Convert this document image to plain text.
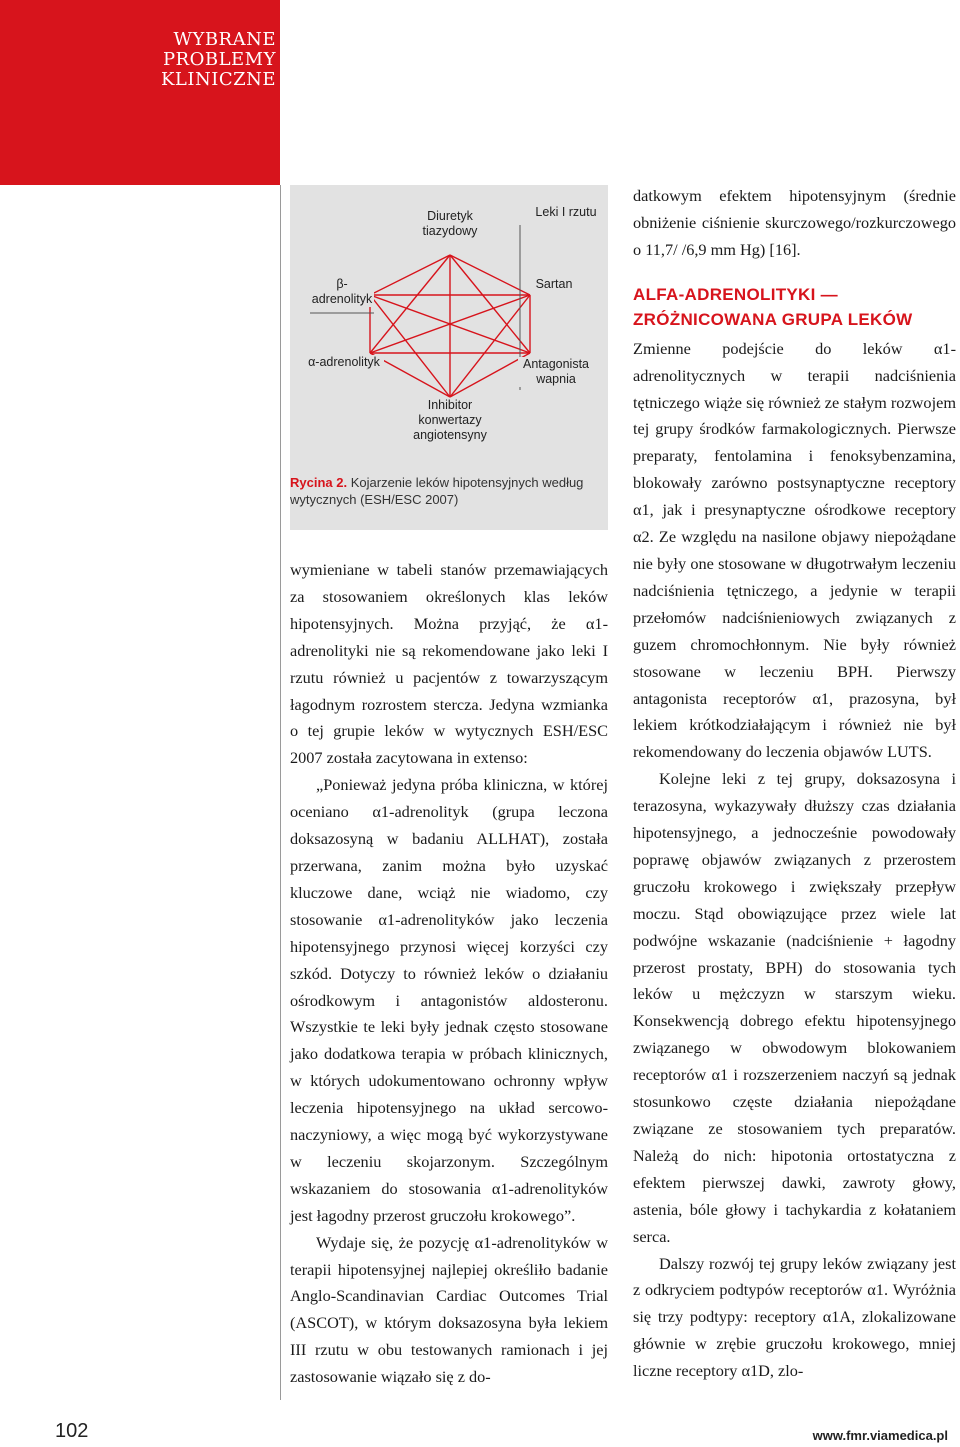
WYBRANE
PROBLEMY
KLINICZNE
Diuretyk tiazydowy
Leki I rzutu
Sartan
β-adrenolityk
α-adrenolityk	Antagonista wapnia
Inhibitor konwertazy angiotensyny
Rycina 2. Kojarzenie leków hipotensyjnych według wytycznych (ESH/ESC 2007)

wymieniane w tabeli stanów przemawiających za stosowaniem określonych klas leków hipotensyjnych. Można przyjąć, że α1-adrenolityki nie są rekomendowane jako leki I rzutu również u pacjentów z towarzyszącym łagodnym rozrostem stercza. Jedyna wzmianka o tej grupie leków w wytycznych ESH/ESC 2007 została zacytowana in extenso:

„Ponieważ jedyna próba kliniczna, w której oceniano α1-adrenolityk (grupa leczona doksazosyną w badaniu ALLHAT), została przerwana, zanim można było uzyskać kluczowe dane, wciąż nie wiadomo, czy stosowanie α1-adrenolityków jako leczenia hipotensyjnego przynosi więcej korzyści czy szkód. Dotyczy to również leków o działaniu ośrodkowym i antagonistów aldosteronu. Wszystkie te leki były jednak często stosowane jako dodatkowa terapia w próbach klinicznych, w których udokumentowano ochronny wpływ leczenia hipotensyjnego na układ sercowo-naczyniowy, a więc mogą być wykorzystywane w leczeniu skojarzonym. Szczególnym wskazaniem do stosowania α1-adrenolityków jest łagodny przerost gruczołu krokowego”.

Wydaje się, że pozycję α1-adrenolityków w terapii hipotensyjnej najlepiej określiło badanie Anglo-Scandinavian Cardiac Outcomes Trial (ASCOT), w którym doksazosyna była lekiem III rzutu w obu testowanych ramionach i jej zastosowanie wiązało się z do-

datkowym efektem hipotensyjnym (średnie obniżenie ciśnienie skurczowego/rozkurczowego o 11,7/ /6,9 mm Hg) [16].

ALFA-ADRENOLITYKI — ZRÓŻNICOWANA GRUPA LEKÓW

Zmienne podejście do leków α1-adrenolitycznych w terapii nadciśnienia tętniczego wiąże się również ze stałym rozwojem tej grupy środków farmakologicznych. Pierwsze preparaty, fentolamina i fenoksybenzamina, blokowały zarówno postsynaptyczne receptory α1, jak i presynaptyczne ośrodkowe receptory α2. Ze względu na nasilone objawy niepożądane nie były one stosowane w długotrwałym leczeniu nadciśnienia tętniczego, a jedynie w terapii przełomów nadciśnieniowych związanych z guzem chromochłonnym. Nie były również stosowane w leczeniu BPH. Pierwszy antagonista receptorów α1, prazosyna, był lekiem krótkodziałającym i również nie był rekomendowany do leczenia objawów LUTS.

Kolejne leki z tej grupy, doksazosyna i terazosyna, wykazywały dłuższy czas działania hipotensyjnego, a jednocześnie powodowały poprawę objawów związanych z przerostem gruczołu krokowego i zwiększały przepływ moczu. Stąd obowiązujące przez wiele lat podwójne wskazanie (nadciśnienie + łagodny przerost prostaty, BPH) do stosowania tych leków u mężczyzn w starszym wieku. Konsekwencją dobrego efektu hipotensyjnego związanego w obwodowym blokowaniem receptorów α1 i rozszerzeniem naczyń są jednak stosunkowo częste działania niepożądane związane ze stosowaniem tych preparatów. Należą do nich: hipotonia ortostatyczna z efektem pierwszej dawki, zawroty głowy, astenia, bóle głowy i tachykardia z kołataniem serca.

Dalszy rozwój tej grupy leków związany jest z odkryciem podtypów receptorów α1. Wyróżnia się trzy podtypy: receptory α1A, zlokalizowane głównie w zrębie gruczołu krokowego, mniej liczne receptory α1D, zlo-

102	www.fmr.viamedica.pl
